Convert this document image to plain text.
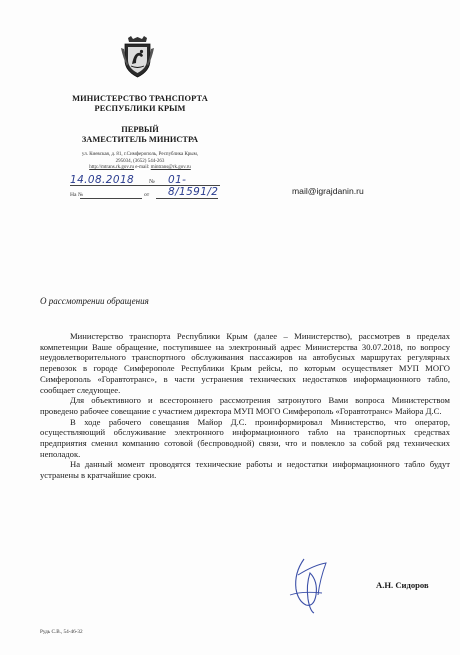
МИНИСТЕРСТВО ТРАНСПОРТА
РЕСПУБЛИКИ КРЫМ
ПЕРВЫЙ
ЗАМЕСТИТЕЛЬ МИНИСТРА
ул. Киевская, д. 81, г.Симферополь, Республика Крым,
295034, (3652) 544-263
http://mtrans.rk.gov.ru e-mail: mintrans@rk.gov.ru
14.08.2018 № 01-8/1591/2
На №	от	mail@igrajdanin.ru
О рассмотрении обращения

Министерство транспорта Республики Крым (далее – Министерство), рассмотрев в пределах компетенции Ваше обращение, поступившее на электронный адрес Министерства 30.07.2018, по вопросу неудовлетворительного транспортного обслуживания пассажиров на автобусных маршрутах регулярных перевозок в городе Симферополе Республики Крым рейсы, по которым осуществляет МУП МОГО Симферополь «Горавтотранс», в части устранения технических недостатков информационного табло, сообщает следующее.

Для объективного и всестороннего рассмотрения затронутого Вами вопроса Министерством проведено рабочее совещание с участием директора МУП МОГО Симферополь «Горавтотранс» Майора Д.С.

В ходе рабочего совещания Майор Д.С. проинформировал Министерство, что оператор, осуществляющий обслуживание электронного информационного табло на транспортных средствах предприятия сменил компанию сотовой (беспроводной) связи, что и повлекло за собой ряд технических неполадок.

На данный момент проводятся технические работы и недостатки информационного табло будут устранены в кратчайшие сроки.

А.Н. Сидоров
Рудь С.В., 54-46-32
